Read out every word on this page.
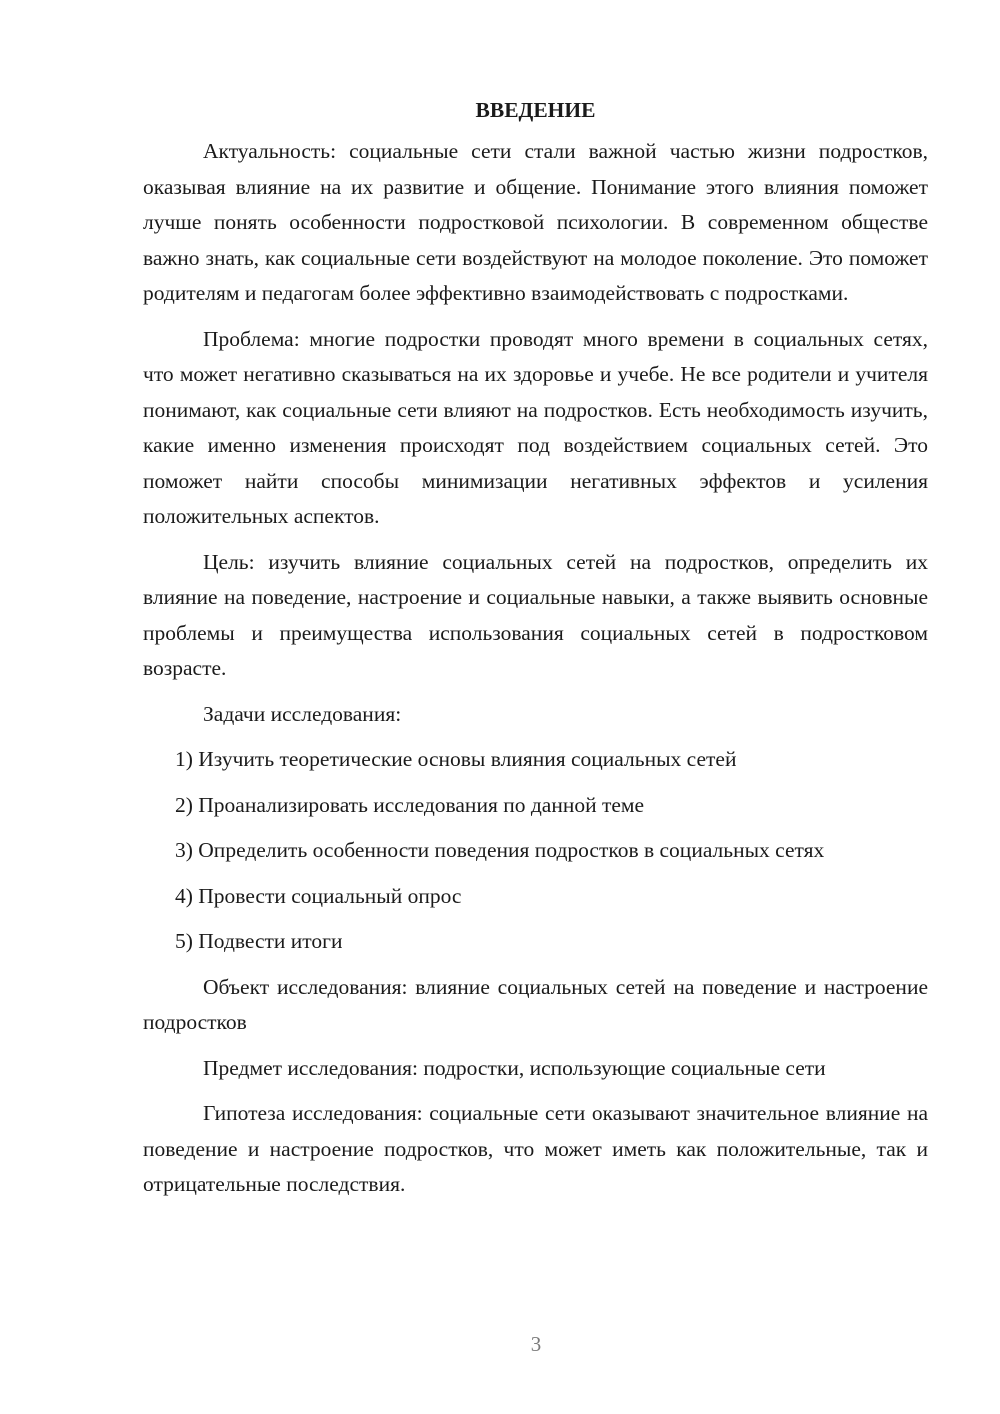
ВВЕДЕНИЕ

Актуальность: социальные сети стали важной частью жизни подростков, оказывая влияние на их развитие и общение. Понимание этого влияния поможет лучше понять особенности подростковой психологии. В современном обществе важно знать, как социальные сети воздействуют на молодое поколение. Это поможет родителям и педагогам более эффективно взаимодействовать с подростками.

Проблема: многие подростки проводят много времени в социальных сетях, что может негативно сказываться на их здоровье и учебе. Не все родители и учителя понимают, как социальные сети влияют на подростков. Есть необходимость изучить, какие именно изменения происходят под воздействием социальных сетей. Это поможет найти способы минимизации негативных эффектов и усиления положительных аспектов.

Цель: изучить влияние социальных сетей на подростков, определить их влияние на поведение, настроение и социальные навыки, а также выявить основные проблемы и преимущества использования социальных сетей в подростковом возрасте.

Задачи исследования:

1) Изучить теоретические основы влияния социальных сетей
2) Проанализировать исследования по данной теме
3) Определить особенности поведения подростков в социальных сетях
4) Провести социальный опрос
5) Подвести итоги

Объект исследования: влияние социальных сетей на поведение и настроение подростков

Предмет исследования: подростки, использующие социальные сети

Гипотеза исследования: социальные сети оказывают значительное влияние на поведение и настроение подростков, что может иметь как положительные, так и отрицательные последствия.

3
